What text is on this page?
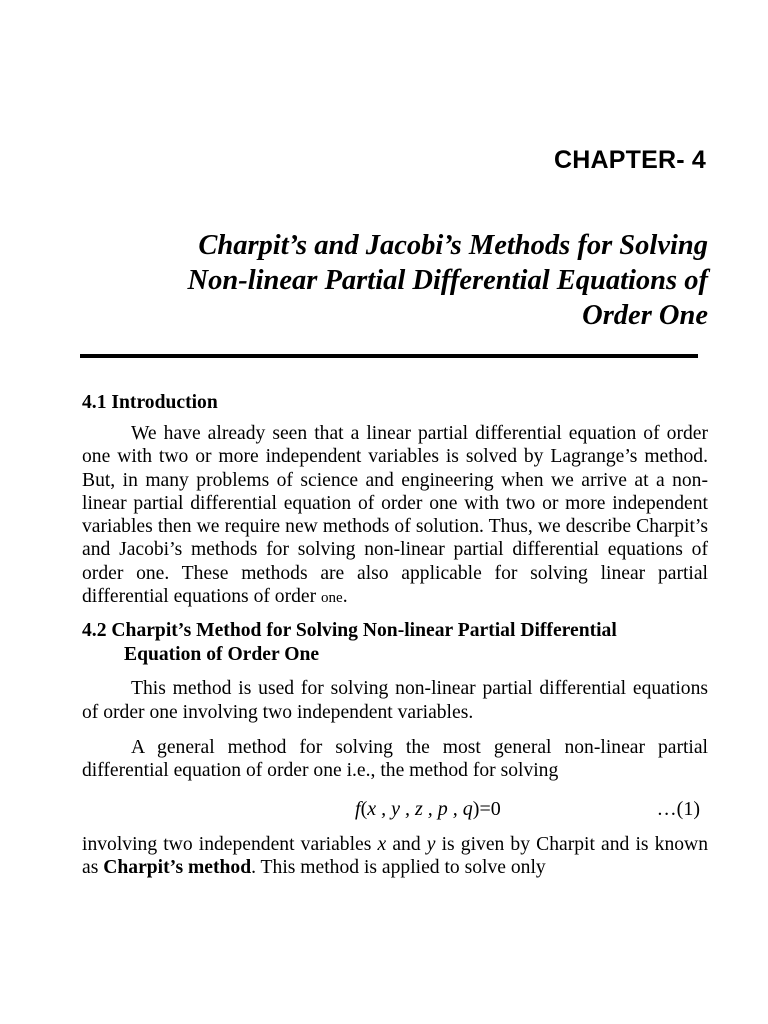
CHAPTER- 4
Charpit’s and Jacobi’s Methods for Solving
Non-linear Partial Differential Equations of
Order One
4.1 Introduction

We have already seen that a linear partial differential equation of order one with two or more independent variables is solved by Lagrange’s method. But, in many problems of science and engineering when we arrive at a non-linear partial differential equation of order one with two or more independent variables then we require new methods of solution. Thus, we describe Charpit’s and Jacobi’s methods for solving non-linear partial differential equations of order one. These methods are also applicable for solving linear partial differential equations of order one.

4.2 Charpit’s Method for Solving Non-linear Partial Differential
Equation of Order One

This method is used for solving non-linear partial differential equations of order one involving two independent variables.

A general method for solving the most general non-linear partial differential equation of order one i.e., the method for solving

f(x , y , z , p , q)=0	…(1)

involving two independent variables x and y is given by Charpit and is known as Charpit’s method. This method is applied to solve only
